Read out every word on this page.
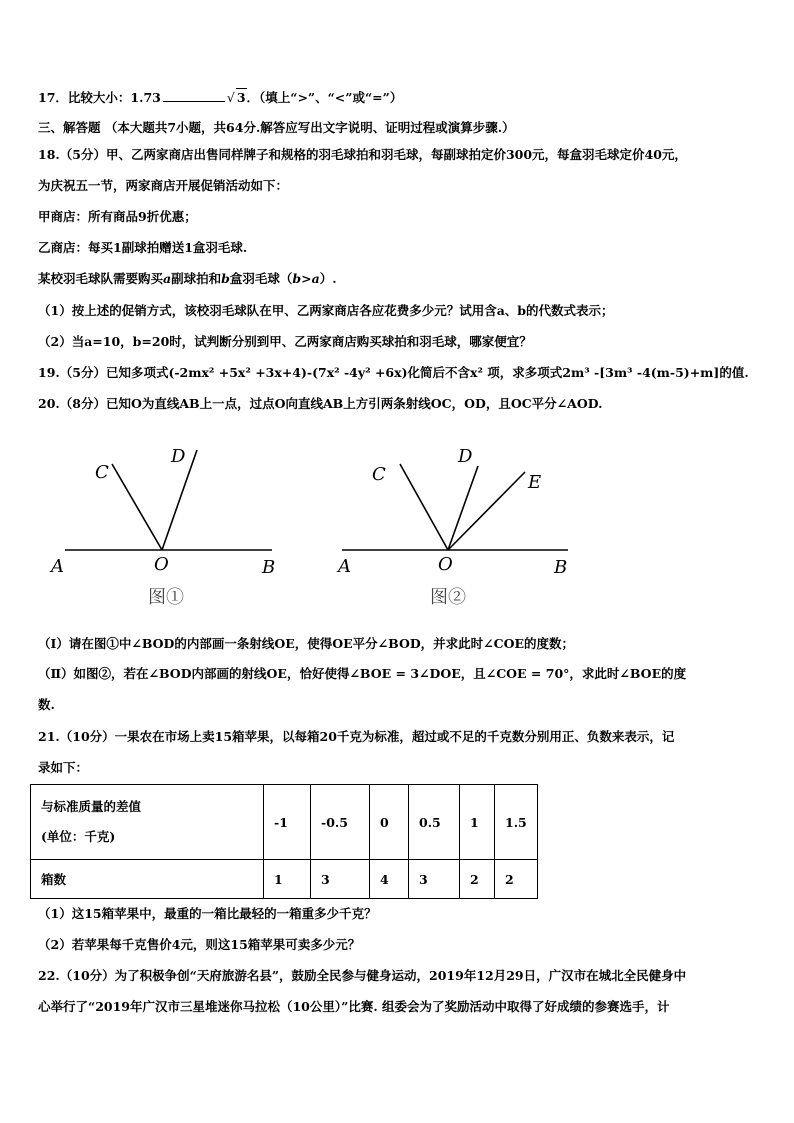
17．比较大小：1.73	√ 3．（填上“>”、“<”或“=”）
三、解答题 （本大题共7小题，共64分.解答应写出文字说明、证明过程或演算步骤.）
18.（5分）甲、乙两家商店出售同样牌子和规格的羽毛球拍和羽毛球，每副球拍定价300元，每盒羽毛球定价40元，
为庆祝五一节，两家商店开展促销活动如下：
甲商店：所有商品9折优惠；
乙商店：每买1副球拍赠送1盒羽毛球.
某校羽毛球队需要购买a副球拍和b盒羽毛球（b>a）.
（1）按上述的促销方式，该校羽毛球队在甲、乙两家商店各应花费多少元？试用含a、b的代数式表示；
（2）当a=10，b=20时，试判断分别到甲、乙两家商店购买球拍和羽毛球，哪家便宜？
19.（5分）已知多项式(-2mx² +5x² +3x+4)-(7x² -4y² +6x)化简后不含x² 项，求多项式2m³ -[3m³ -4(m-5)+m]的值.
20.（8分）已知O为直线AB上一点，过点O向直线AB上方引两条射线OC，OD，且OC平分∠AOD.
C
D
A	O	B
图①
C
D
E
A	O	B
图②
（Ⅰ）请在图①中∠BOD的内部画一条射线OE，使得OE平分∠BOD，并求此时∠COE的度数；
（Ⅱ）如图②，若在∠BOD内部画的射线OE，恰好使得∠BOE = 3∠DOE，且∠COE = 70°，求此时∠BOE的度
数.
21.（10分）一果农在市场上卖15箱苹果，以每箱20千克为标准，超过或不足的千克数分别用正、负数来表示，记
录如下：
与标准质量的差值
(单位：千克)	-1	-0.5	0	0.5	1	1.5
箱数	1	3	4	3	2	2
（1）这15箱苹果中，最重的一箱比最轻的一箱重多少千克？
（2）若苹果每千克售价4元，则这15箱苹果可卖多少元？
22.（10分）为了积极争创“天府旅游名县”，鼓励全民参与健身运动，2019年12月29日，广汉市在城北全民健身中
心举行了“2019年广汉市三星堆迷你马拉松（10公里）”比赛. 组委会为了奖励活动中取得了好成绩的参赛选手，计
